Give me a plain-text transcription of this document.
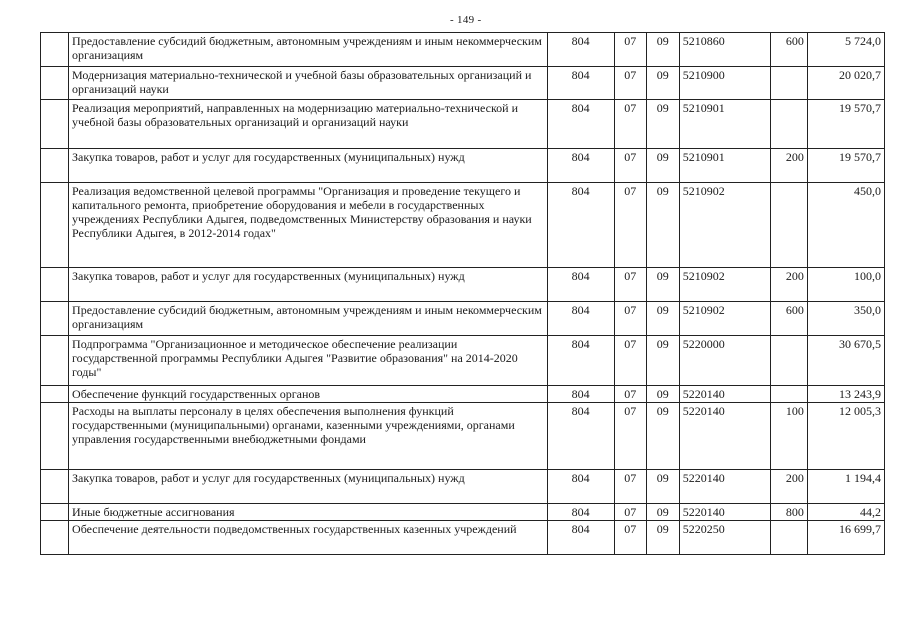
- 149 -
	Предоставление субсидий бюджетным, автономным учреждениям и иным некоммерческим организациям	804	07	09	5210860	600	5 724,0
	Модернизация материально-технической и учебной базы образовательных организаций и организаций науки	804	07	09	5210900		20 020,7
	Реализация мероприятий, направленных на модернизацию материально-технической и учебной базы образовательных организаций и организаций науки	804	07	09	5210901		19 570,7
	Закупка товаров, работ и услуг для государственных (муниципальных) нужд	804	07	09	5210901	200	19 570,7
	Реализация ведомственной целевой программы "Организация и проведение текущего и капитального ремонта, приобретение оборудования и мебели в государственных учреждениях Республики Адыгея, подведомственных Министерству образования и науки Республики Адыгея, в 2012-2014 годах"	804	07	09	5210902		450,0
	Закупка товаров, работ и услуг для государственных (муниципальных) нужд	804	07	09	5210902	200	100,0
	Предоставление субсидий бюджетным, автономным учреждениям и иным некоммерческим организациям	804	07	09	5210902	600	350,0
	Подпрограмма "Организационное и методическое обеспечение реализации государственной программы Республики Адыгея "Развитие образования" на 2014-2020 годы"	804	07	09	5220000		30 670,5
	Обеспечение функций государственных органов	804	07	09	5220140		13 243,9
	Расходы на выплаты персоналу в целях обеспечения выполнения функций государственными (муниципальными) органами, казенными учреждениями, органами управления государственными внебюджетными фондами	804	07	09	5220140	100	12 005,3
	Закупка товаров, работ и услуг для государственных (муниципальных) нужд	804	07	09	5220140	200	1 194,4
	Иные бюджетные ассигнования	804	07	09	5220140	800	44,2
	Обеспечение деятельности подведомственных государственных казенных учреждений	804	07	09	5220250		16 699,7
